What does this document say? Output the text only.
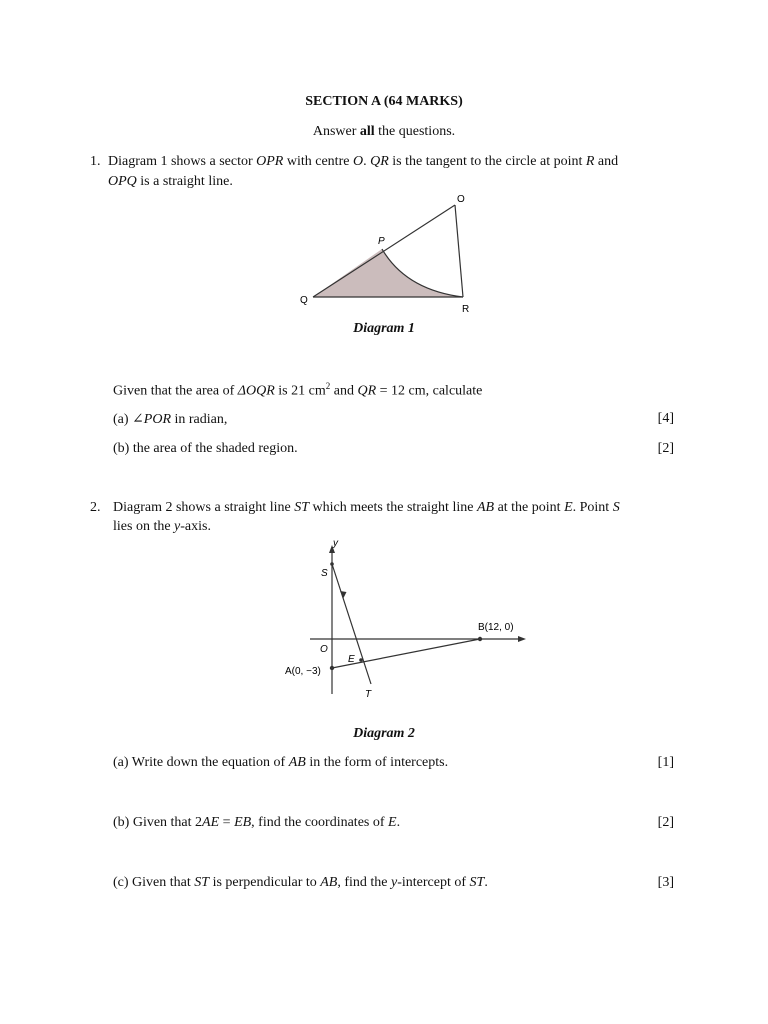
SECTION A (64 MARKS)
Answer all the questions.
1. Diagram 1 shows a sector OPR with centre O. QR is the tangent to the circle at point R and
OPQ is a straight line.
O
P
Q
R
Diagram 1
Given that the area of ΔOQR is 21 $cm^2$ and QR = 12 cm, calculate
(a) ∠POR in radian,	[4]
(b) the area of the shaded region.	[2]
2. Diagram 2 shows a straight line ST which meets the straight line AB at the point E. Point S
lies on the y-axis.
y
S
O
E
A(0, −3)
B(12, 0)
T
Diagram 2
(a) Write down the equation of AB in the form of intercepts.	[1]
(b) Given that 2AE = EB, find the coordinates of E.	[2]
(c) Given that ST is perpendicular to AB, find the y-intercept of ST.	[3]
